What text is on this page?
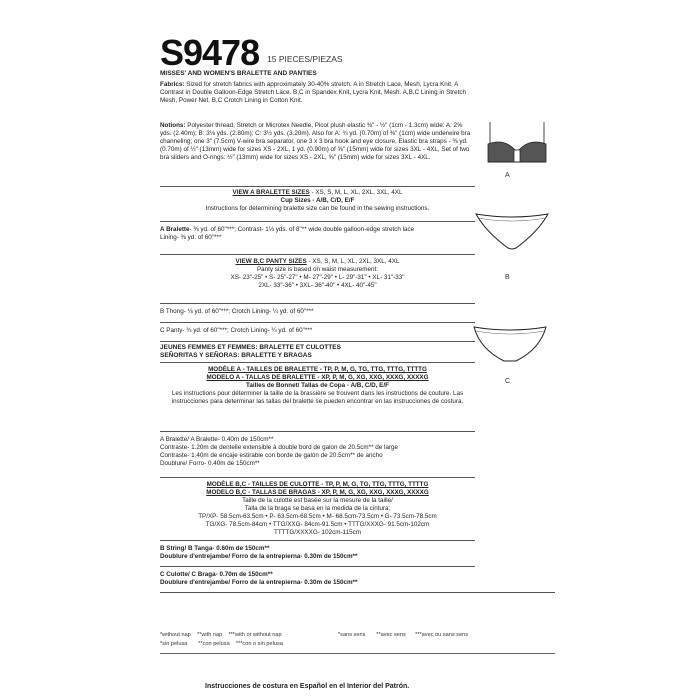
S9478 15 PIECES/PIEZAS
MISSES' AND WOMEN'S BRALETTE AND PANTIES
Fabrics: Sized for stretch fabrics with approximately 30-40% stretch. A in Stretch Lace, Mesh, Lycra Knit. A Contrast in Double Galloon-Edge Stretch Lace. B,C in Spandex Knit, Lycra Knit, Mesh. A,B,C Lining in Stretch Mesh, Power Net. B,C Crotch Lining in Cotton Knit.
Notions: Polyester thread, Stretch or Microtex Needle, Picot plush elastic ⅜" - ½" (1cm - 1.3cm) wide: A: 2⅝ yds. (2.40m); B: 3⅛ yds. (2.80m); C: 3½ yds. (3.20m). Also for A: ¾ yd. (0.70m) of ⅜" (1cm) wide underwire bra channeling; one 3" (7.5cm) V-wire bra separator, one 3 x 3 bra hook and eye closure, Elastic bra straps - ⅜ yd. (0.70m) of ½" (13mm) wide for sizes XS - 2XL, 1 yd. (0.90m) of ⅝" (15mm) wide for sizes 3XL - 4XL, Set of two bra sliders and O-rings: ½" (13mm) wide for sizes XS - 2XL, ⅝" (15mm) wide for sizes 3XL - 4XL.
VIEW A BRALETTE SIZES - XS, S, M, L, XL, 2XL, 3XL, 4XL
Cup Sizes - A/B, C/D, E/F
Instructions for determining bralette size can be found in the sewing instructions.
A Bralette- ⅜ yd. of 60"***; Contrast- 1⅓ yds. of 8"** wide double galloon-edge stretch lace
Lining- ⅜ yd. of 60"***
VIEW B,C PANTY SIZES - XS, S, M, L, XL, 2XL, 3XL, 4XL
Panty size is based on waist measurement:
XS- 23"-25" • S- 25"-27" • M- 27"-29" • L- 29"-31" • XL- 31"-33"
2XL- 33"-36" • 3XL- 36"-40" • 4XL- 40"-45"
B Thong- ⅛ yd. of 60"***; Crotch Lining- ¼ yd. of 60"***
C Panty- ¾ yd. of 60"***; Crotch Lining- ¼ yd. of 60"***
JEUNES FEMMES ET FEMMES: BRALETTE ET CULOTTES
SEÑORITAS Y SEÑORAS: BRALETTE Y BRAGAS
MODÈLE A - TAILLES DE BRALETTE - TP, P, M, G, TG, TTG, TTTG, TTTTG
MODELO A - TALLAS DE BRALETTE - XP, P, M, G, XG, XXG, XXXG, XXXXG
Tailles de Bonnet/ Tallas de Copa - A/B, C/D, E/F
Les instructions pour déterminer la taille de la brassière se trouvent dans les instructions de couture. Las instrucciones para determinar las tallas del bralette se pueden encontrar en las instrucciones de costura.
A Bralette/ A Bralette- 0.40m de 150cm**
Contraste- 1.20m de dentelle extensible à double bord de galon de 20.5cm** de large
Contraste- 1.40m de encaje estirable con borde de galón de 20.5cm** de ancho
Doublure/ Forro- 0.40m de 150cm**
MODÈLE B,C - TAILLES DE CULOTTE - TP, P, M, G, TG, TTG, TTTG, TTTTG
MODELO B,C - TALLAS DE BRAGAS - XP, P, M, G, XG, XXG, XXXG, XXXXG
Taille de la culotte est basée sur la mesure de la taille/
Talla de la braga se basa en la medida de la cintura:
TP/XP- 58.5cm-63.5cm • P- 63.5cm-68.5cm • M- 68.5cm-73.5cm • G- 73.5cm-78.5cm
TG/XG- 78.5cm-84cm • TTG/XXG- 84cm-91.5cm • TTTG/XXXG- 91.5cm-102cm
TTTTG/XXXXG- 102cm-115cm
B String/ B Tanga- 0.60m de 150cm**
Doublure d'entrejambe/ Forro de la entrepierna- 0.30m de 150cm**
C Culotte/ C Braga- 0.70m de 150cm**
Doublure d'entrejambe/ Forro de la entrepierna- 0.30m de 150cm**
*without nap **with nap ***with or without nap
*sin pelusa **con pelusa ***con o sin pelusa
*sans sens **avec sens ***avec ou sans sens
Instrucciones de costura en Español en el Interior del Patrón.
A
B
C
